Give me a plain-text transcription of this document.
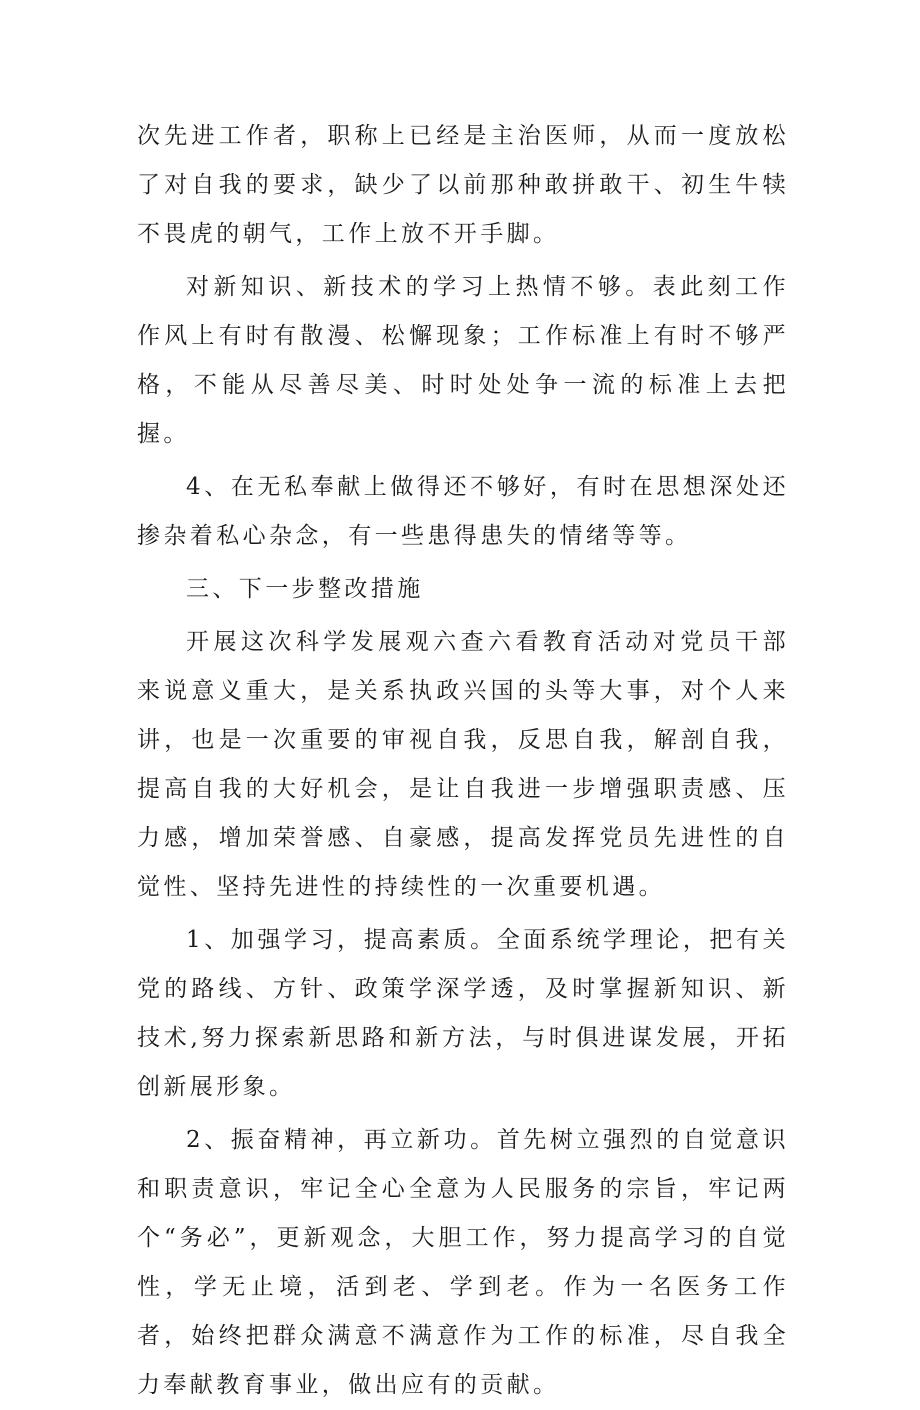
次先进工作者，职称上已经是主治医师，从而一度放松了对自我的要求，缺少了以前那种敢拼敢干、初生牛犊不畏虎的朝气，工作上放不开手脚。

对新知识、新技术的学习上热情不够。表此刻工作作风上有时有散漫、松懈现象；工作标准上有时不够严格，不能从尽善尽美、时时处处争一流的标准上去把握。

4、在无私奉献上做得还不够好，有时在思想深处还掺杂着私心杂念，有一些患得患失的情绪等等。

三、下一步整改措施

开展这次科学发展观六查六看教育活动对党员干部来说意义重大，是关系执政兴国的头等大事，对个人来讲，也是一次重要的审视自我，反思自我，解剖自我，提高自我的大好机会，是让自我进一步增强职责感、压力感，增加荣誉感、自豪感，提高发挥党员先进性的自觉性、坚持先进性的持续性的一次重要机遇。

1、加强学习，提高素质。全面系统学理论，把有关党的路线、方针、政策学深学透，及时掌握新知识、新技术,努力探索新思路和新方法，与时俱进谋发展，开拓创新展形象。

2、振奋精神，再立新功。首先树立强烈的自觉意识和职责意识，牢记全心全意为人民服务的宗旨，牢记两个“务必”，更新观念，大胆工作，努力提高学习的自觉性，学无止境，活到老、学到老。作为一名医务工作者，始终把群众满意不满意作为工作的标准，尽自我全力奉献教育事业，做出应有的贡献。
